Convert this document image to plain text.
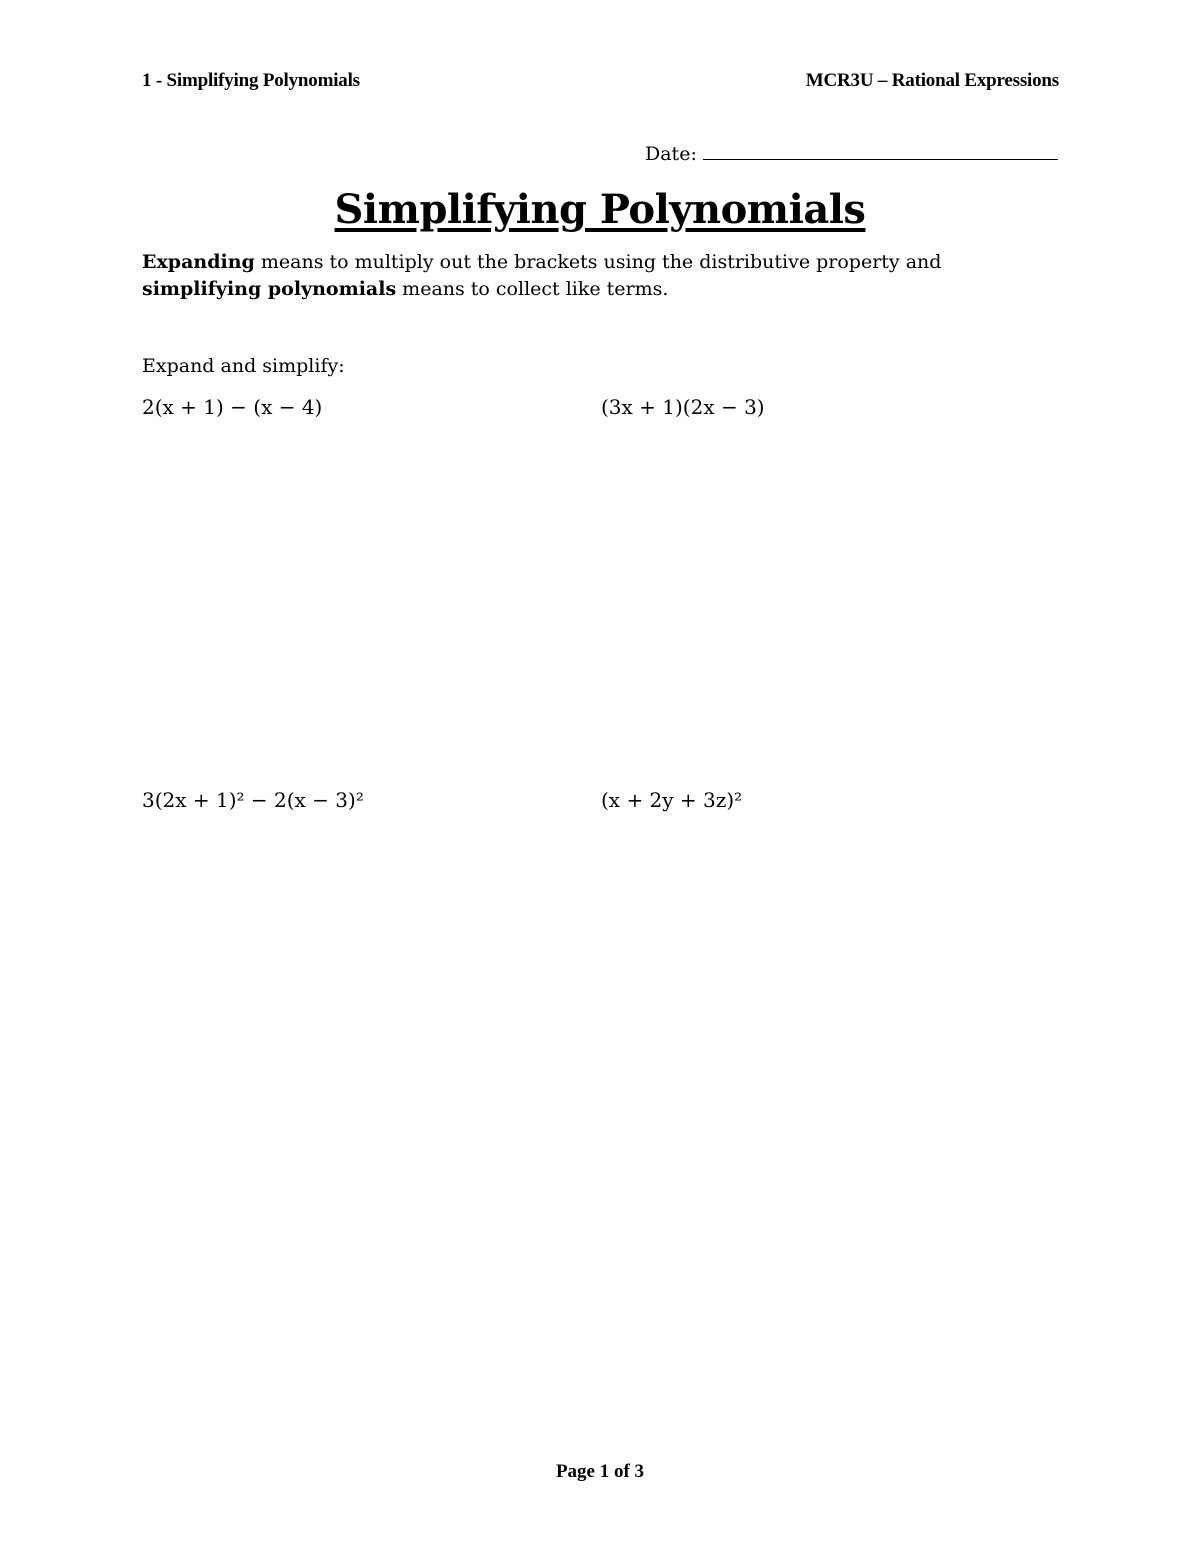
1 - Simplifying Polynomials	MCR3U – Rational Expressions
Date:
Simplifying Polynomials
Expanding means to multiply out the brackets using the distributive property and
simplifying polynomials means to collect like terms.
Expand and simplify:
2(x + 1) − (x − 4)	(3x + 1)(2x − 3)
3(2x + 1)² − 2(x − 3)²	(x + 2y + 3z)²
Page 1 of 3
